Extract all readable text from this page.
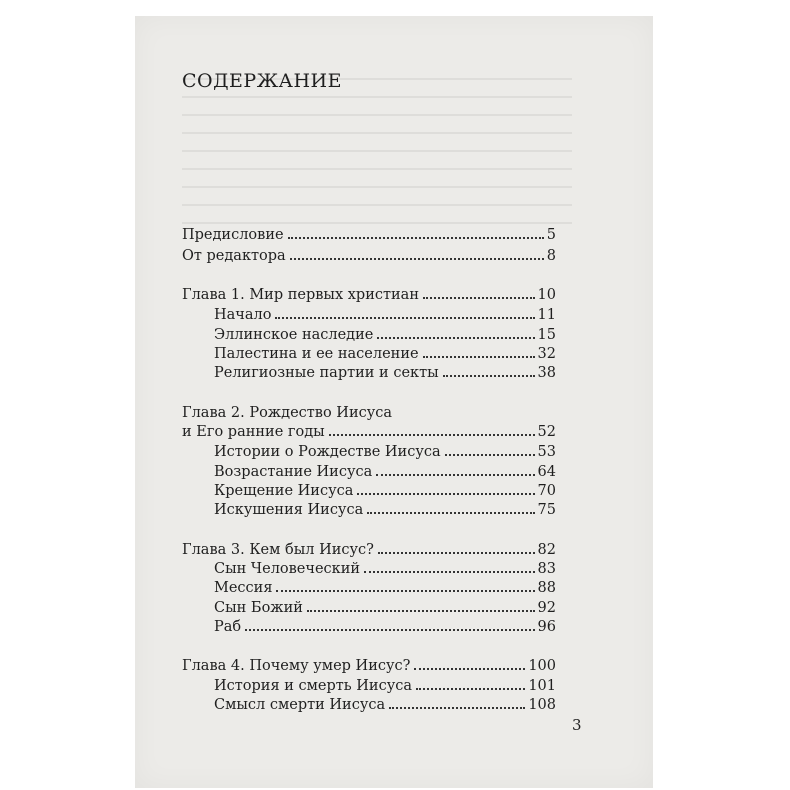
СОДЕРЖАНИЕ
Предисловие	5
От редактора	8
Глава 1. Мир первых христиан	10
Начало	11
Эллинское наследие	15
Палестина и ее население	32
Религиозные партии и секты	38
Глава 2. Рождество Иисуса
и Его ранние годы	52
Истории о Рождестве Иисуса	53
Возрастание Иисуса	64
Крещение Иисуса	70
Искушения Иисуса	75
Глава 3. Кем был Иисус?	82
Сын Человеческий	83
Мессия	88
Сын Божий	92
Раб	96
Глава 4. Почему умер Иисус?	100
История и смерть Иисуса	101
Смысл смерти Иисуса	108
3
